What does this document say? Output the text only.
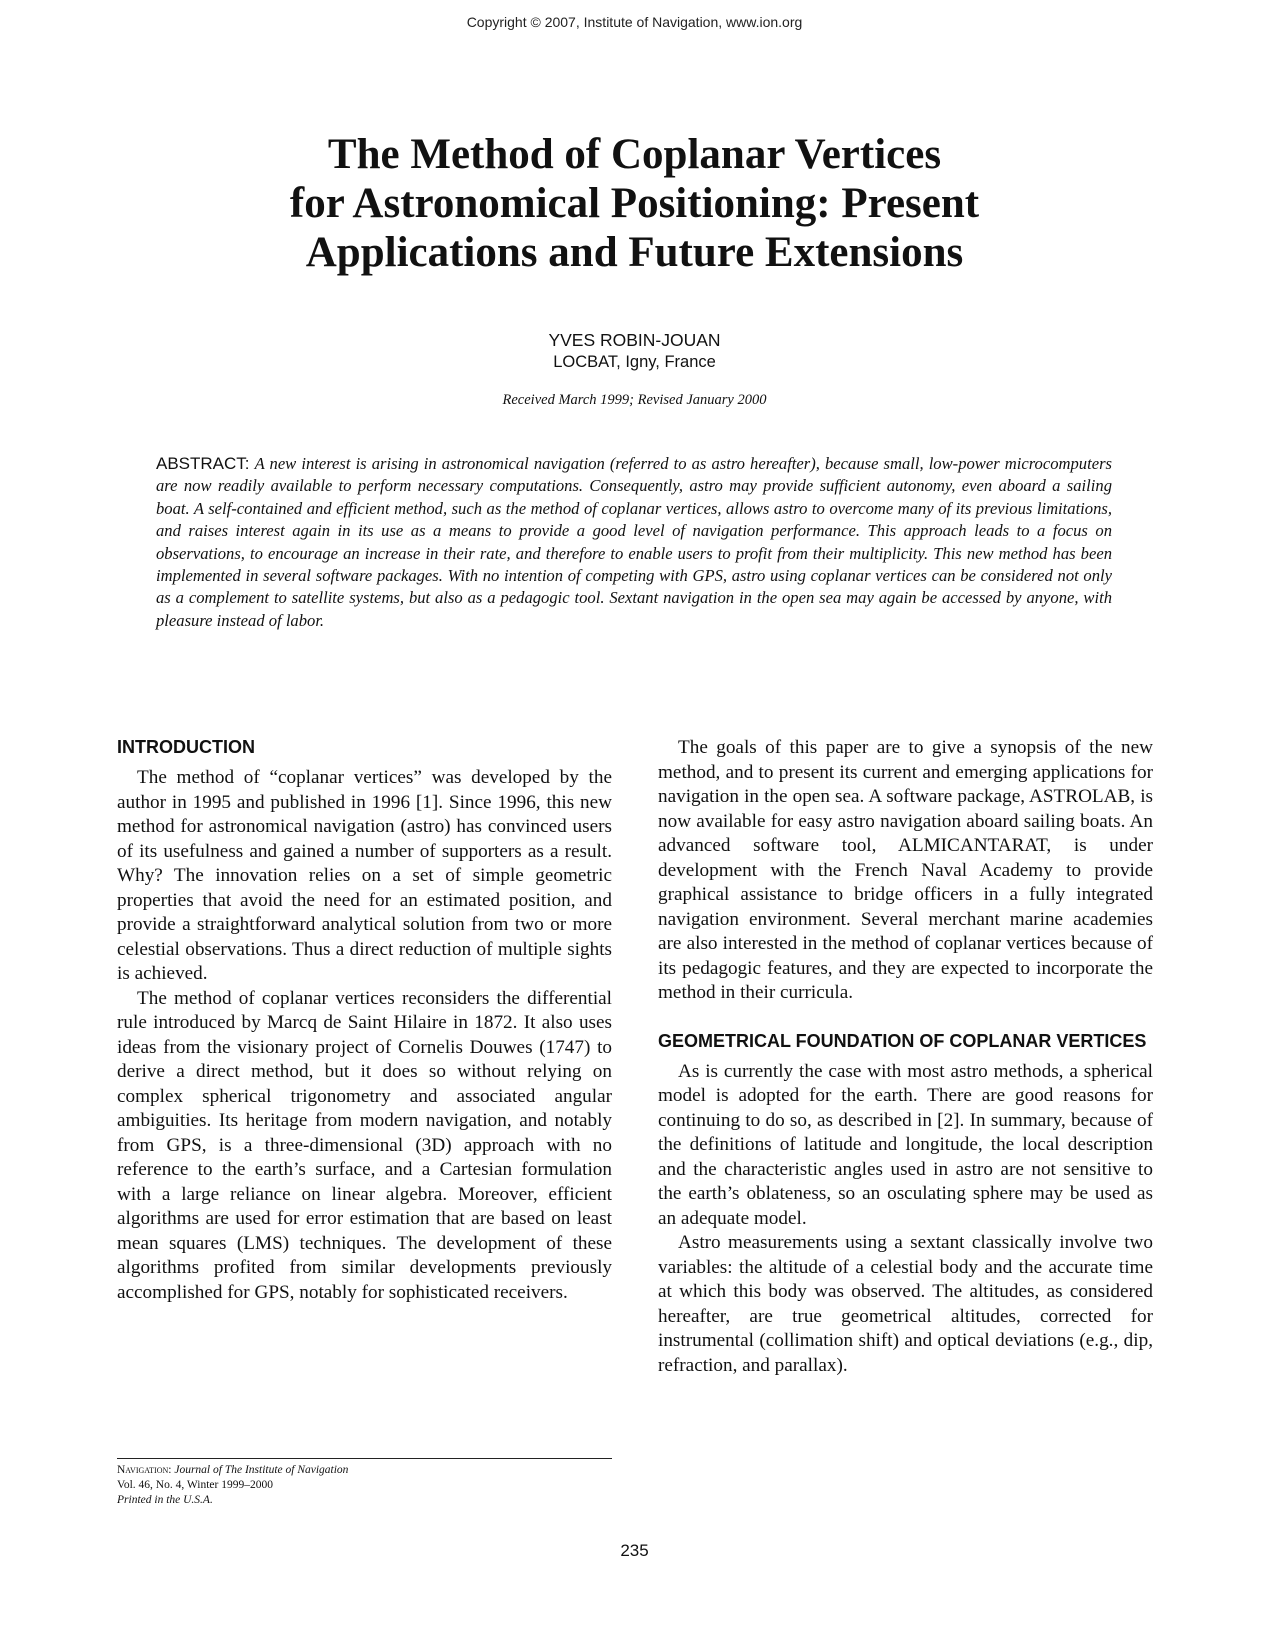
Copyright © 2007, Institute of Navigation, www.ion.org
The Method of Coplanar Vertices
for Astronomical Positioning: Present
Applications and Future Extensions
YVES ROBIN-JOUAN
LOCBAT, Igny, France
Received March 1999; Revised January 2000
ABSTRACT: A new interest is arising in astronomical navigation (referred to as astro hereafter), because small, low-power microcomputers are now readily available to perform necessary computations. Consequently, astro may provide sufficient autonomy, even aboard a sailing boat. A self-contained and efficient method, such as the method of coplanar vertices, allows astro to overcome many of its previous limitations, and raises interest again in its use as a means to provide a good level of navigation performance. This approach leads to a focus on observations, to encourage an increase in their rate, and therefore to enable users to profit from their multiplicity. This new method has been implemented in several software packages. With no intention of competing with GPS, astro using coplanar vertices can be considered not only as a complement to satellite systems, but also as a pedagogic tool. Sextant navigation in the open sea may again be accessed by anyone, with pleasure instead of labor.
INTRODUCTION

The method of “coplanar vertices” was developed by the author in 1995 and published in 1996 [1]. Since 1996, this new method for astronomical navigation (astro) has convinced users of its usefulness and gained a number of supporters as a result. Why? The innovation relies on a set of simple geometric properties that avoid the need for an estimated position, and provide a straightforward analytical solution from two or more celestial observations. Thus a direct reduction of multiple sights is achieved.

The method of coplanar vertices reconsiders the differential rule introduced by Marcq de Saint Hilaire in 1872. It also uses ideas from the visionary project of Cornelis Douwes (1747) to derive a direct method, but it does so without relying on complex spherical trigonometry and associated angular ambiguities. Its heritage from modern navigation, and notably from GPS, is a three-dimensional (3D) approach with no reference to the earth’s surface, and a Cartesian formulation with a large reliance on linear algebra. Moreover, efficient algorithms are used for error estimation that are based on least mean squares (LMS) techniques. The development of these algorithms profited from similar developments previously accomplished for GPS, notably for sophisticated receivers.

The goals of this paper are to give a synopsis of the new method, and to present its current and emerging applications for navigation in the open sea. A software package, ASTROLAB, is now available for easy astro navigation aboard sailing boats. An advanced software tool, ALMICANTARAT, is under development with the French Naval Academy to provide graphical assistance to bridge officers in a fully integrated navigation environment. Several merchant marine academies are also interested in the method of coplanar vertices because of its pedagogic features, and they are expected to incorporate the method in their curricula.

GEOMETRICAL FOUNDATION OF COPLANAR VERTICES

As is currently the case with most astro methods, a spherical model is adopted for the earth. There are good reasons for continuing to do so, as described in [2]. In summary, because of the definitions of latitude and longitude, the local description and the characteristic angles used in astro are not sensitive to the earth’s oblateness, so an osculating sphere may be used as an adequate model.

Astro measurements using a sextant classically involve two variables: the altitude of a celestial body and the accurate time at which this body was observed. The altitudes, as considered hereafter, are true geometrical altitudes, corrected for instrumental (collimation shift) and optical deviations (e.g., dip, refraction, and parallax).

Navigation: Journal of The Institute of Navigation
Vol. 46, No. 4, Winter 1999–2000
Printed in the U.S.A.
235
